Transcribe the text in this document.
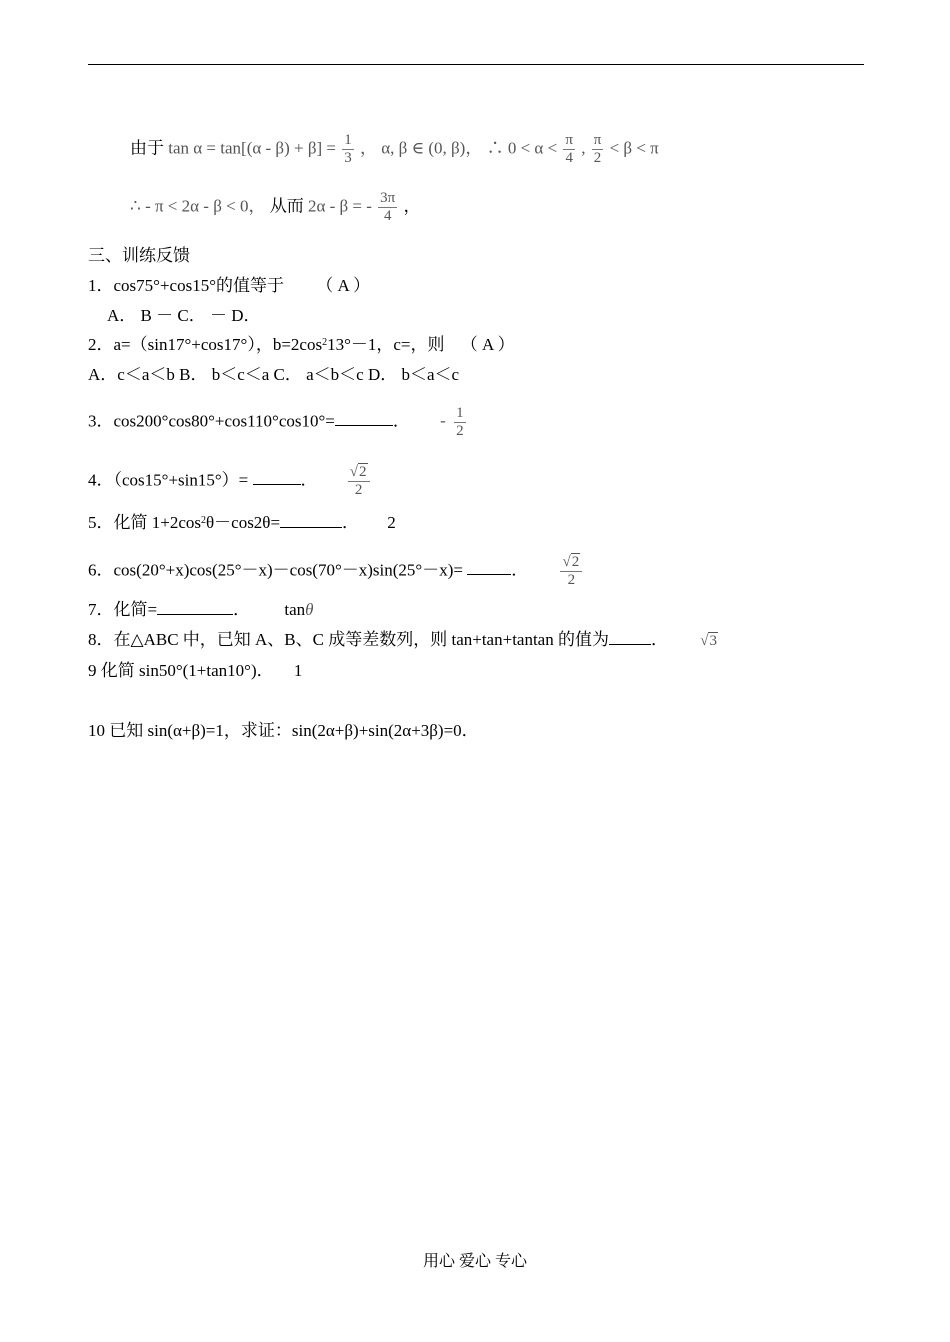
由于 $\tan \alpha = \tan[(\alpha - \beta) + \beta] = \frac{1}{3}$ ， α, β ∈ (0, β)， ∴ $0 < \alpha < \frac{\pi}{4}$ , $\frac{\pi}{2} < \beta < \pi$
∴ - π < 2α - β < 0， 从而 2α - β = - $\frac{3\pi}{4}$ ，
三、训练反馈
1．cos75°+cos15°的值等于 （ A ）
A． B － C． － D．
2．a=（sin17°+cos17°），$b=2\cos^213^\circ-1$，c=，则 （ A ）
A．c＜a＜b B． b＜c＜a C． a＜b＜c D． b＜a＜c
3．cos200°cos80°+cos110°cos10°=	． - $\frac{1}{2}$
4．（cos15°+sin15°）=	． $\frac{√2}{2}$
5．化简 $1+2\cos^2\theta-\cos 2\theta=$	． 2
6．cos(20°+x)cos(25°－x)－cos(70°－x)sin(25°－x)=	． $\frac{√2}{2}$
7．化简=	． tanθ
8．在△ABC 中，已知 A、B、C 成等差数列，则 tan+tan+tantan 的值为 ． √3
9 化简 sin50°(1+tan10°)． 1
10 已知 sin(α+β)=1，求证：sin(2α+β)+sin(2α+3β)=0．
用心 爱心 专心
